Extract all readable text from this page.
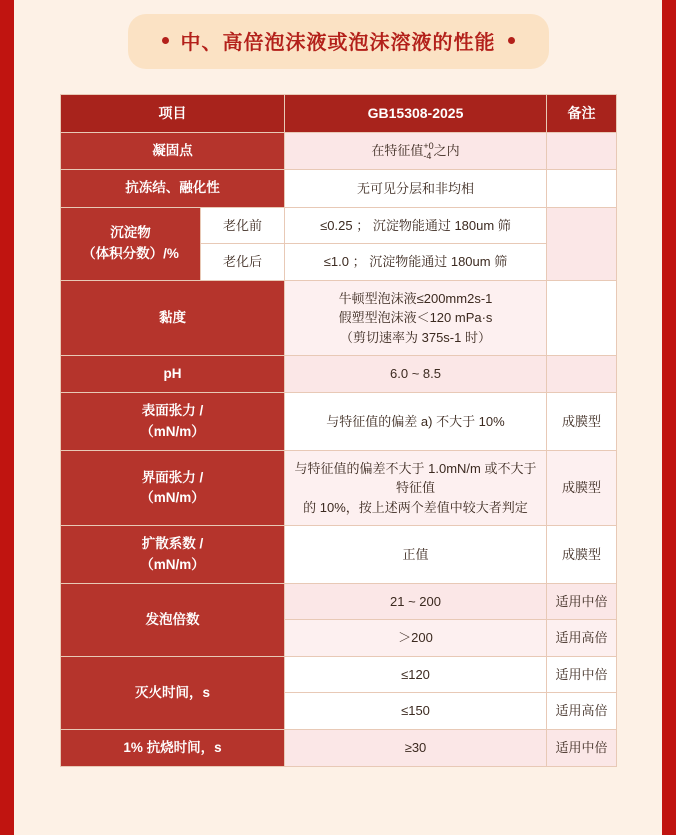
中、高倍泡沫液或泡沫溶液的性能
项目		GB15308-2025	备注
凝固点		在特征值+0
-4 之内	
抗冻结、融化性		无可见分层和非均相	
沉淀物
（体积分数）/%	老化前	≤0.25 ； 沉淀物能通过 180um 筛	
	老化后	≤1.0 ； 沉淀物能通过 180um 筛	
黏度		牛顿型泡沫液≤200mm2s-1
假塑型泡沫液＜120 mPa·s
（剪切速率为 375s-1 时）	
pH		6.0 ~ 8.5	
表面张力 /
（mN/m）		与特征值的偏差 a) 不大于 10%	成膜型
界面张力 /
（mN/m）		与特征值的偏差不大于 1.0mN/m 或不大于特征值
的 10%，按上述两个差值中较大者判定	成膜型
扩散系数 /
（mN/m）		正值	成膜型
发泡倍数		21 ~ 200	适用中倍
		＞200	适用高倍
灭火时间，s		≤120	适用中倍
		≤150	适用高倍
1% 抗烧时间，s		≥30	适用中倍
